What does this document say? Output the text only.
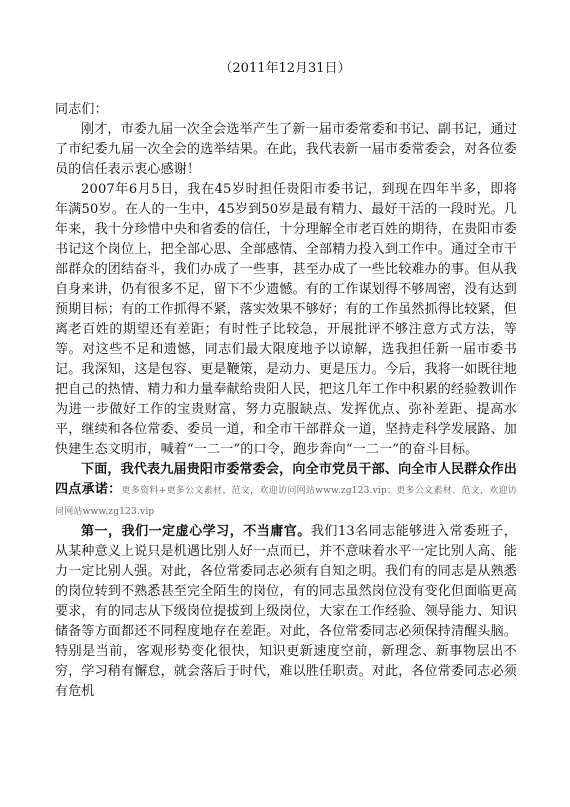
（2011年12月31日）

同志们：

刚才，市委九届一次全会选举产生了新一届市委常委和书记、副书记，通过了市纪委九届一次全会的选举结果。在此，我代表新一届市委常委会，对各位委员的信任表示衷心感谢！

2007年6月5日，我在45岁时担任贵阳市委书记，到现在四年半多，即将年满50岁。在人的一生中，45岁到50岁是最有精力、最好干活的一段时光。几年来，我十分珍惜中央和省委的信任，十分理解全市老百姓的期待，在贵阳市委书记这个岗位上，把全部心思、全部感情、全部精力投入到工作中。通过全市干部群众的团结奋斗，我们办成了一些事，甚至办成了一些比较难办的事。但从我自身来讲，仍有很多不足，留下不少遗憾。有的工作谋划得不够周密，没有达到预期目标；有的工作抓得不紧，落实效果不够好；有的工作虽然抓得比较紧，但离老百姓的期望还有差距；有时性子比较急，开展批评不够注意方式方法，等等。对这些不足和遗憾，同志们最大限度地予以谅解，选我担任新一届市委书记。我深知，这是包容、更是鞭策，是动力、更是压力。今后，我将一如既往地把自己的热情、精力和力量奉献给贵阳人民，把这几年工作中积累的经验教训作为进一步做好工作的宝贵财富，努力克服缺点、发挥优点、弥补差距、提高水平，继续和各位常委、委员一道，和全市干部群众一道，坚持走科学发展路、加快建生态文明市，喊着“一二一”的口令，跑步奔向“一二一”的奋斗目标。

下面，我代表九届贵阳市委常委会，向全市党员干部、向全市人民群众作出四点承诺：更多资料+更多公文素材、范文，欢迎访问网站www.zg123.vip；更多公文素材、范文，欢迎访问网站www.zg123.vip

第一，我们一定虚心学习，不当庸官。我们13名同志能够进入常委班子，从某种意义上说只是机遇比别人好一点而已，并不意味着水平一定比别人高、能力一定比别人强。对此，各位常委同志必须有自知之明。我们有的同志是从熟悉的岗位转到不熟悉甚至完全陌生的岗位，有的同志虽然岗位没有变化但面临更高要求，有的同志从下级岗位提拔到上级岗位，大家在工作经验、领导能力、知识储备等方面都还不同程度地存在差距。对此，各位常委同志必须保持清醒头脑。特别是当前，客观形势变化很快，知识更新速度空前，新理念、新事物层出不穷，学习稍有懈怠，就会落后于时代，难以胜任职责。对此，各位常委同志必须有危机
